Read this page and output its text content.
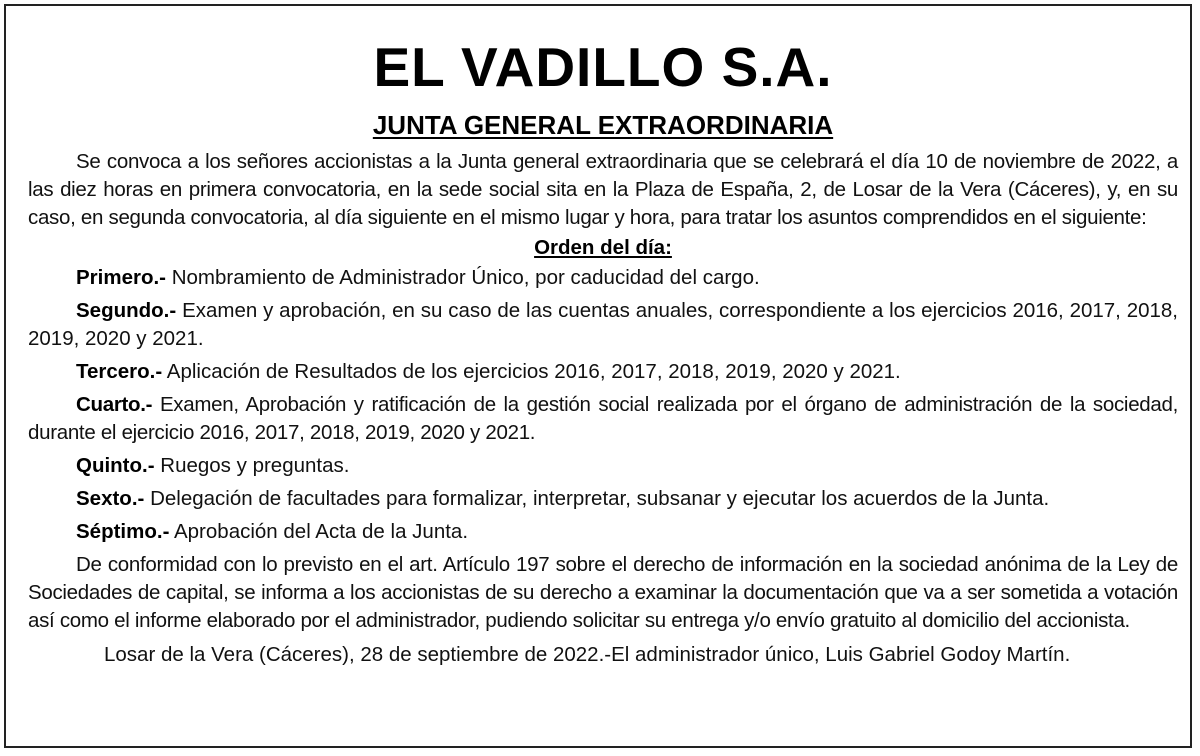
EL VADILLO S.A.
JUNTA GENERAL EXTRAORDINARIA

Se convoca a los señores accionistas a la Junta general extraordinaria que se celebrará el día 10 de noviembre de 2022, a las diez horas en primera convocatoria, en la sede social sita en la Plaza de España, 2, de Losar de la Vera (Cáceres), y, en su caso, en segunda convocatoria, al día siguiente en el mismo lugar y hora, para tratar los asuntos comprendidos en el siguiente:

Orden del día:

Primero.- Nombramiento de Administrador Único, por caducidad del cargo.

Segundo.- Examen y aprobación, en su caso de las cuentas anuales, correspondiente a los ejercicios 2016, 2017, 2018, 2019, 2020 y 2021.

Tercero.- Aplicación de Resultados de los ejercicios 2016, 2017, 2018, 2019, 2020 y 2021.

Cuarto.- Examen, Aprobación y ratificación de la gestión social realizada por el órgano de administración de la sociedad, durante el ejercicio 2016, 2017, 2018, 2019, 2020 y 2021.

Quinto.- Ruegos y preguntas.

Sexto.- Delegación de facultades para formalizar, interpretar, subsanar y ejecutar los acuerdos de la Junta.

Séptimo.- Aprobación del Acta de la Junta.

De conformidad con lo previsto en el art. Artículo 197 sobre el derecho de información en la sociedad anónima de la Ley de Sociedades de capital, se informa a los accionistas de su derecho a examinar la documentación que va a ser sometida a votación así como el informe elaborado por el administrador, pudiendo solicitar su entrega y/o envío gratuito al domicilio del accionista.

Losar de la Vera (Cáceres), 28 de septiembre de 2022.-El administrador único, Luis Gabriel Godoy Martín.
